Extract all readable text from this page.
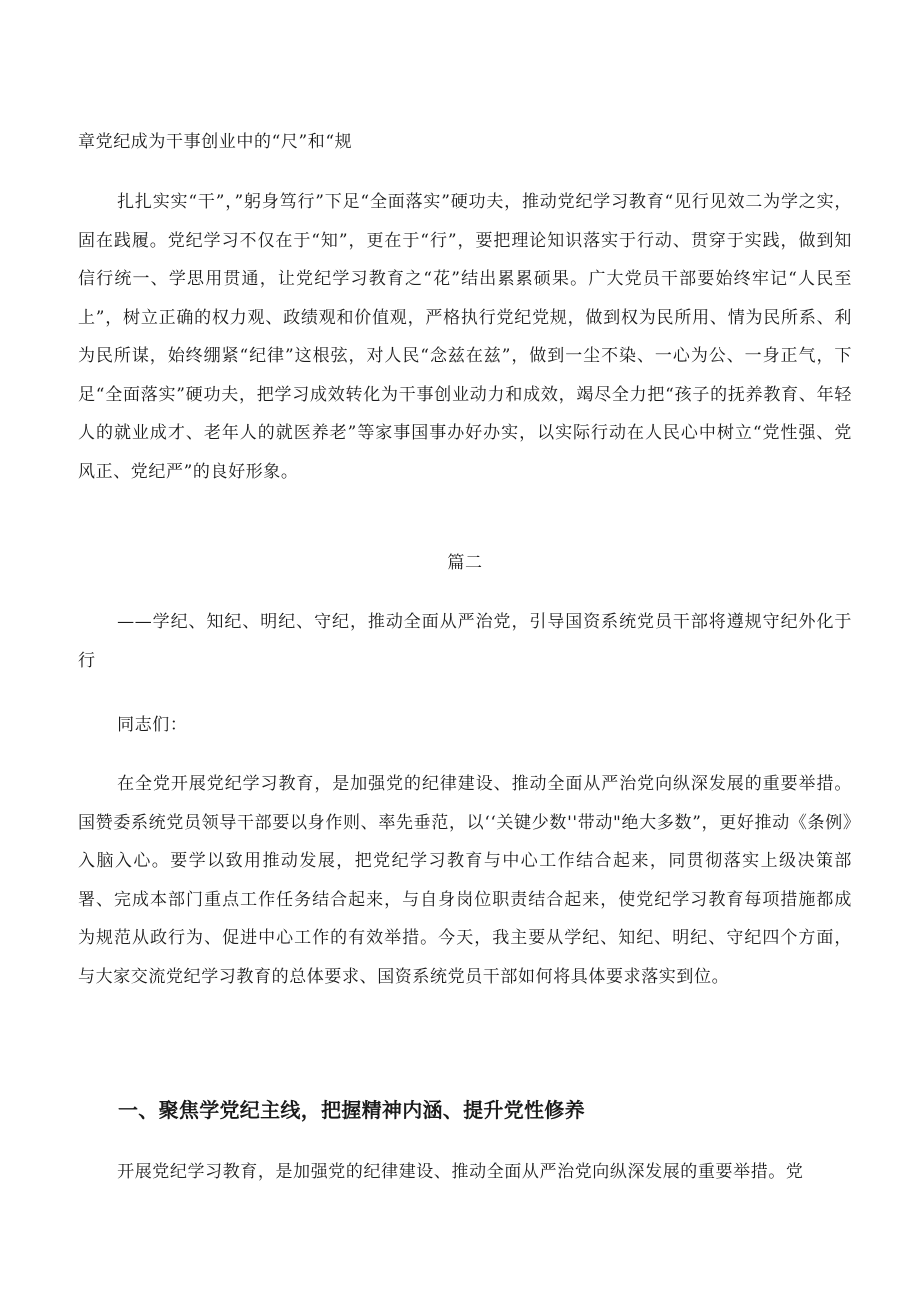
章党纪成为干事创业中的“尺”和“规

扎扎实实“干”，”躬身笃行”下足“全面落实”硬功夫，推动党纪学习教育“见行见效二为学之实，固在践履。党纪学习不仅在于“知”，更在于“行”，要把理论知识落实于行动、贯穿于实践，做到知信行统一、学思用贯通，让党纪学习教育之“花”结出累累硕果。广大党员干部要始终牢记“人民至上”，树立正确的权力观、政绩观和价值观，严格执行党纪党规，做到权为民所用、情为民所系、利为民所谋，始终绷紧“纪律”这根弦，对人民“念兹在兹”，做到一尘不染、一心为公、一身正气，下足“全面落实”硬功夫，把学习成效转化为干事创业动力和成效，竭尽全力把“孩子的抚养教育、年轻人的就业成才、老年人的就医养老”等家事国事办好办实，以实际行动在人民心中树立“党性强、党风正、党纪严”的良好形象。

篇二

——学纪、知纪、明纪、守纪，推动全面从严治党，引导国资系统党员干部将遵规守纪外化于行

同志们：

在全党开展党纪学习教育，是加强党的纪律建设、推动全面从严治党向纵深发展的重要举措。国赞委系统党员领导干部要以身作则、率先垂范，以‘‘关键少数''带动"绝大多数”，更好推动《条例》入脑入心。要学以致用推动发展，把党纪学习教育与中心工作结合起来，同贯彻落实上级决策部署、完成本部门重点工作任务结合起来，与自身岗位职责结合起来，使党纪学习教育每项措施都成为规范从政行为、促进中心工作的有效举措。今天，我主要从学纪、知纪、明纪、守纪四个方面，与大家交流党纪学习教育的总体要求、国资系统党员干部如何将具体要求落实到位。

一、聚焦学党纪主线，把握精神内涵、提升党性修养

开展党纪学习教育，是加强党的纪律建设、推动全面从严治党向纵深发展的重要举措。党
